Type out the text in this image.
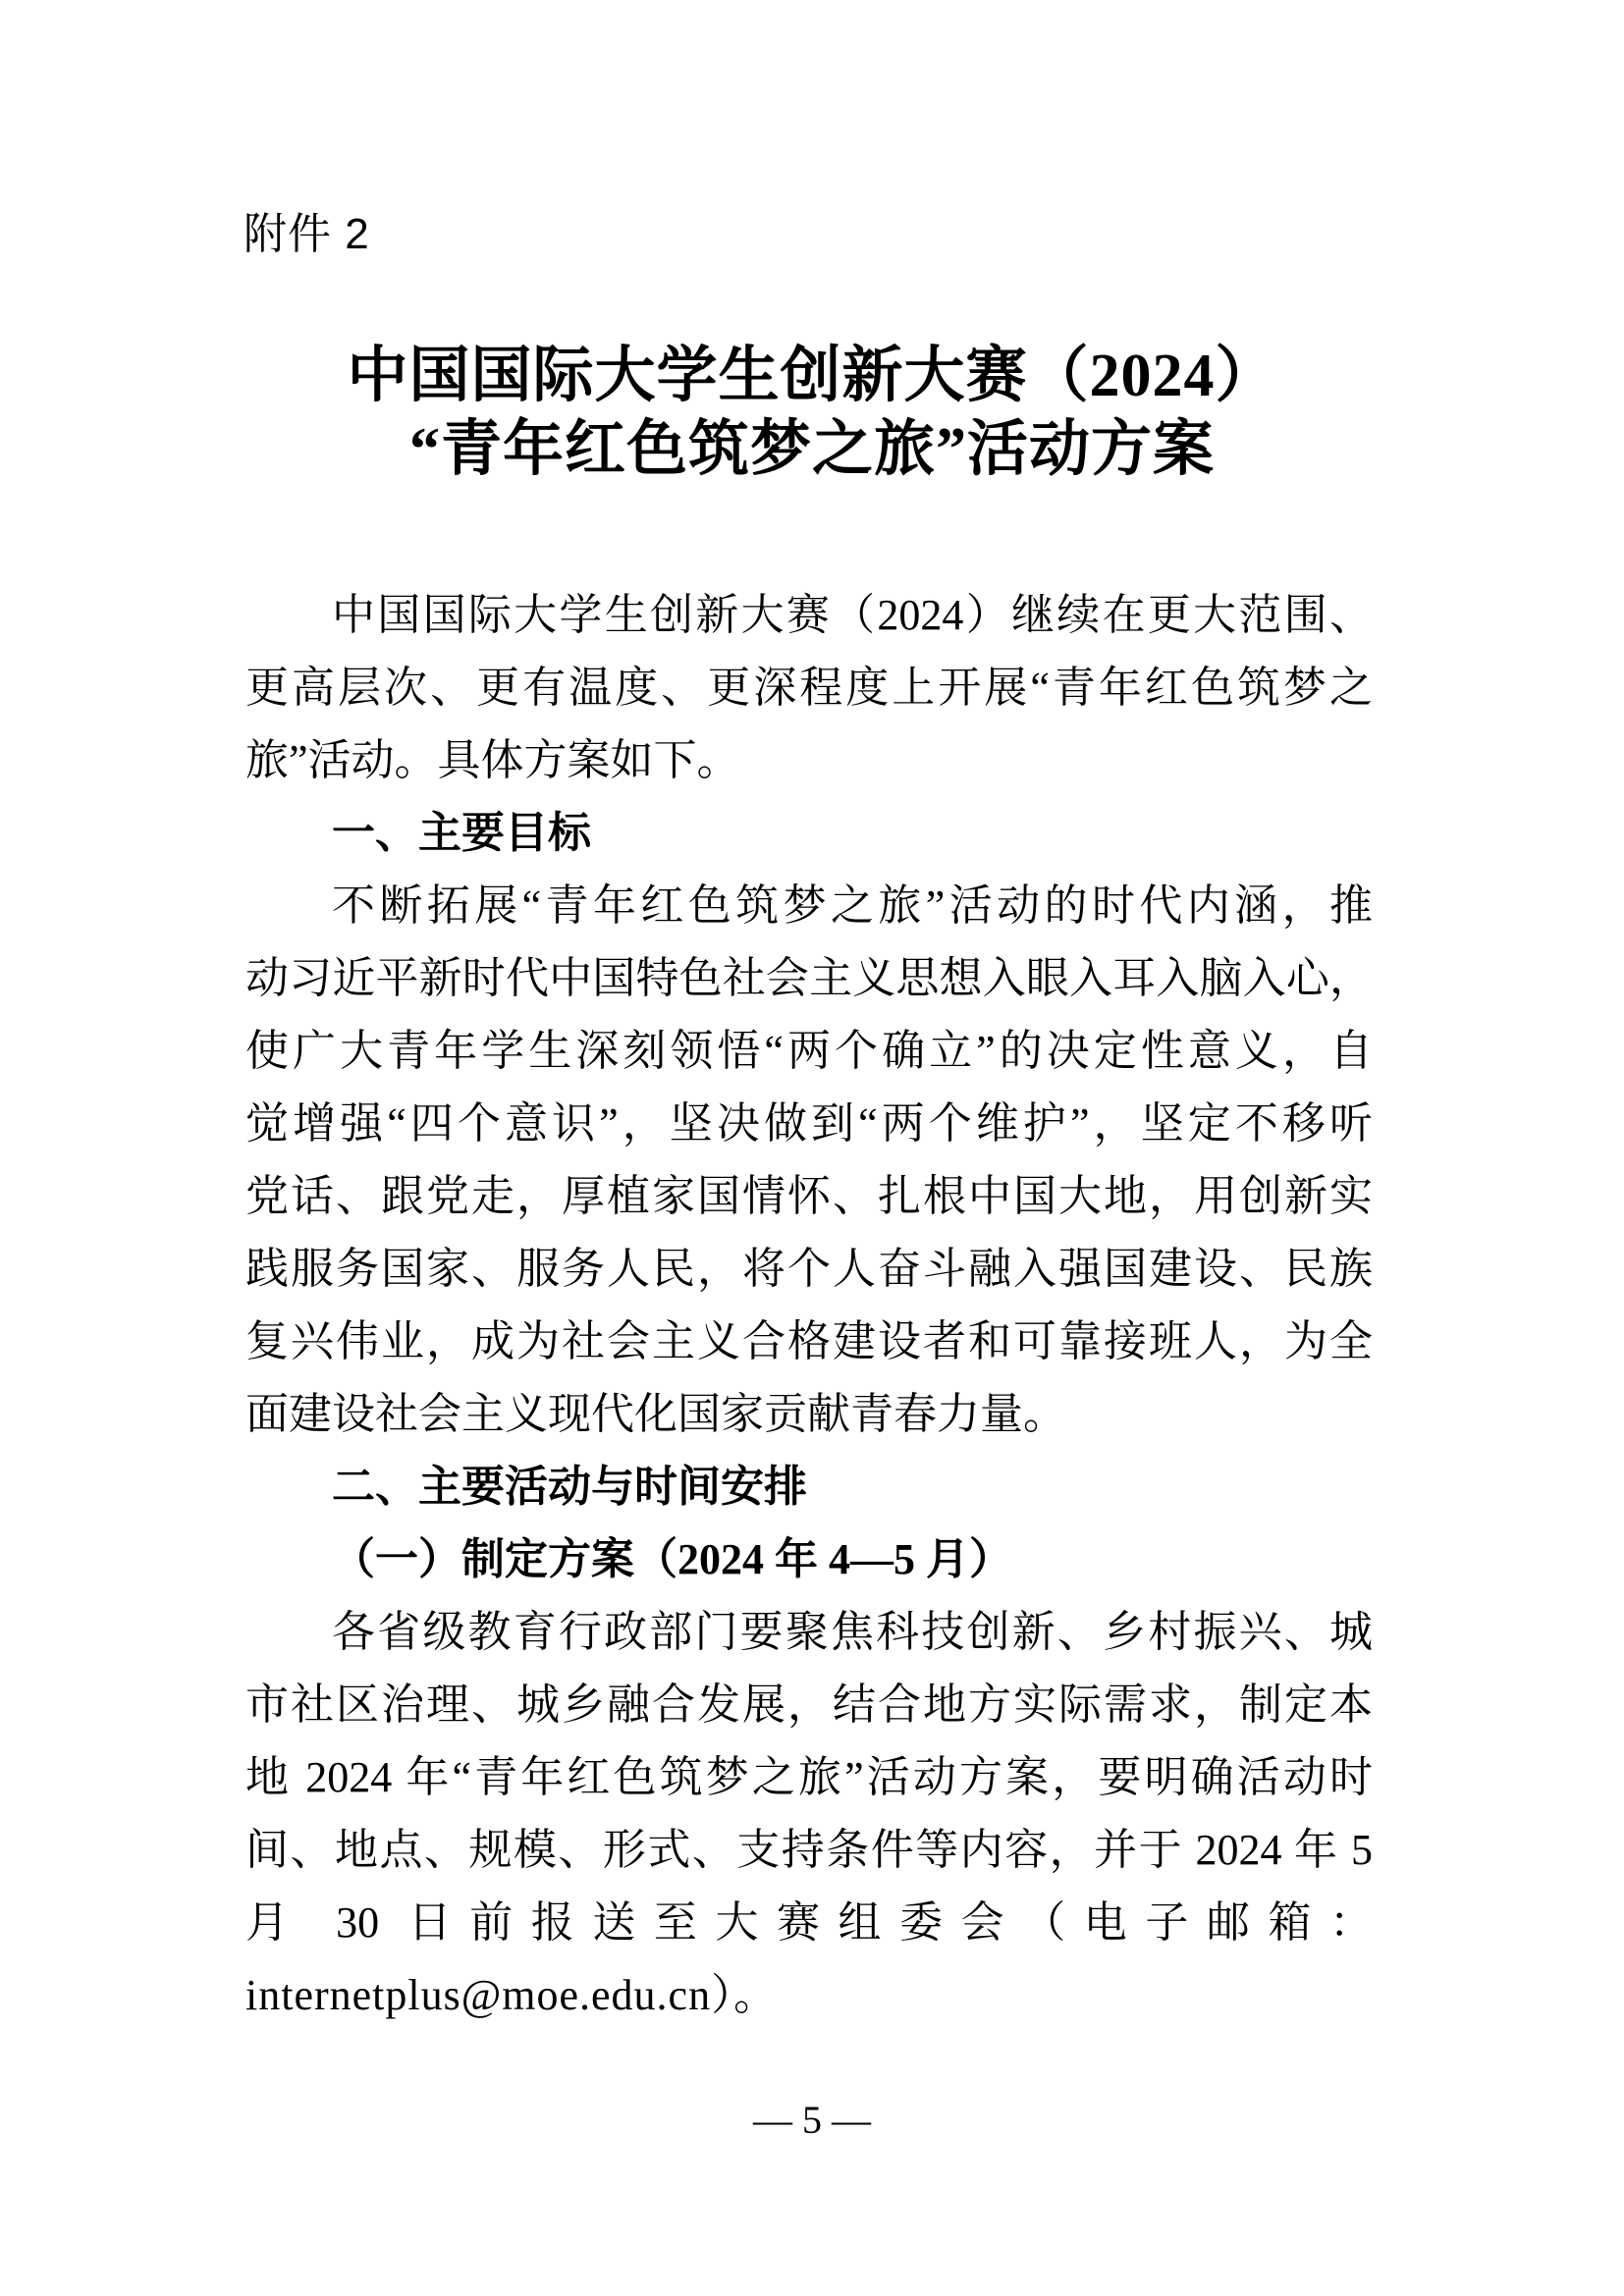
附件 2
中国国际大学生创新大赛（2024）
“青年红色筑梦之旅”活动方案
中国国际大学生创新大赛（2024）继续在更大范围、
更高层次、更有温度、更深程度上开展“青年红色筑梦之
旅”活动。具体方案如下。
一、主要目标
不断拓展“青年红色筑梦之旅”活动的时代内涵，推
动习近平新时代中国特色社会主义思想入眼入耳入脑入心，
使广大青年学生深刻领悟“两个确立”的决定性意义，自
觉增强“四个意识”，坚决做到“两个维护”，坚定不移听
党话、跟党走，厚植家国情怀、扎根中国大地，用创新实
践服务国家、服务人民，将个人奋斗融入强国建设、民族
复兴伟业，成为社会主义合格建设者和可靠接班人，为全
面建设社会主义现代化国家贡献青春力量。
二、主要活动与时间安排
（一）制定方案（2024 年 4—5 月）
各省级教育行政部门要聚焦科技创新、乡村振兴、城
市社区治理、城乡融合发展，结合地方实际需求，制定本
地 2024 年“青年红色筑梦之旅”活动方案，要明确活动时
间、地点、规模、形式、支持条件等内容，并于 2024 年 5
月 30 日前报送至大赛组委会（电子邮箱：
internetplus@moe.edu.cn）。
— 5 —
